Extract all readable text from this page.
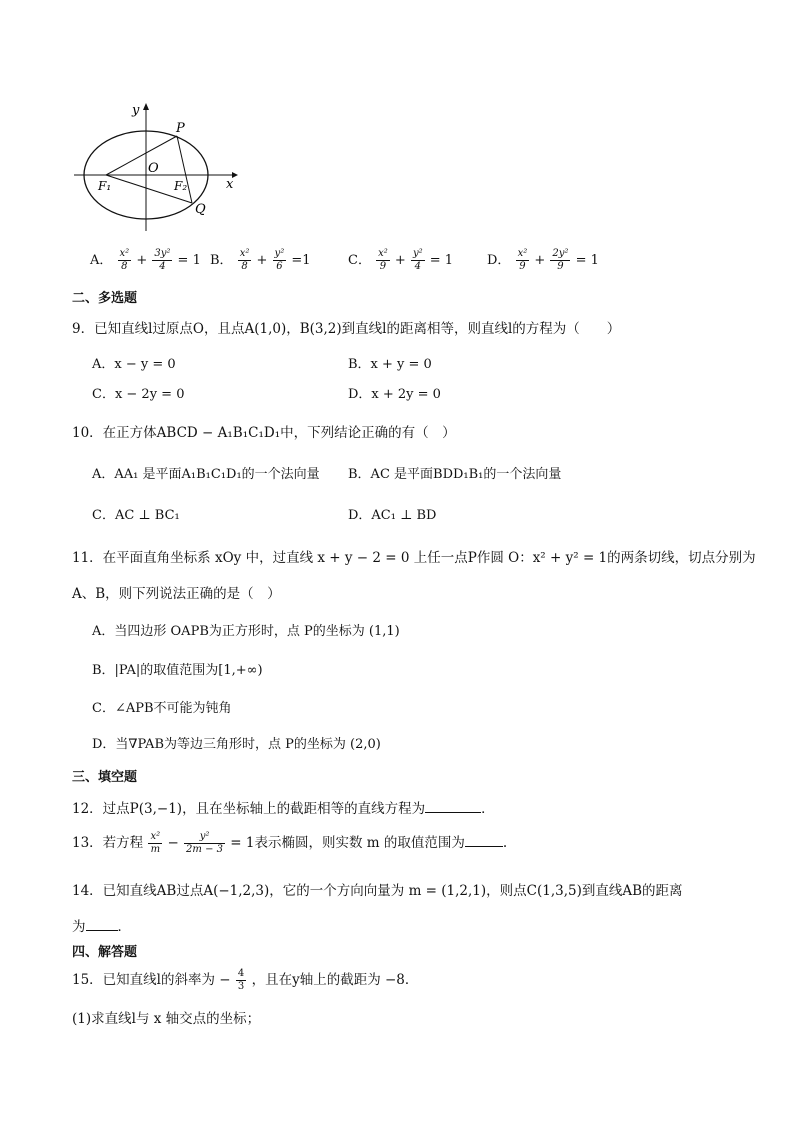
y
x
P
O
F₁	F₂
Q
A． $\frac{\text{x²}}{8} + \frac{\text{3y²}}{4} = 1$ B． $\frac{\text{x²}}{8} + \frac{\text{y²}}{6} =1$	C． $\frac{\text{x²}}{9} + \frac{\text{y²}}{4} = 1$	D． $\frac{\text{x²}}{9} + \frac{\text{2y²}}{9} = 1$
二、多选题
9．已知直线l过原点O，且点A(1,0)，B(3,2)到直线l的距离相等，则直线l的方程为（　　）
A．x − y = 0	B．x + y = 0
C．x − 2y = 0	D．x + 2y = 0
10．在正方体ABCD − A₁B₁C₁D₁中，下列结论正确的有（　）
A．AA₁ 是平面A₁B₁C₁D₁的一个法向量 B．AC 是平面BDD₁B₁的一个法向量
C．AC ⊥ BC₁	D．AC₁ ⊥ BD
11．在平面直角坐标系 xOy 中，过直线 x + y − 2 = 0 上任一点P作圆 O：x² + y² = 1的两条切线，切点分别为
A、B，则下列说法正确的是（　）
A．当四边形 OAPB为正方形时，点 P的坐标为 (1,1)
B．|PA|的取值范围为[1,+∞)
C．∠APB不可能为钝角
D．当∇PAB为等边三角形时，点 P的坐标为 (2,0)
三、填空题
12．过点P(3,−1)，且在坐标轴上的截距相等的直线方程为	．
13．若方程 $\frac{\text{x²}}{m} - \frac{\text{y²}}{2m - 3} = 1$表示椭圆，则实数 m 的取值范围为	.
14．已知直线AB过点A(−1,2,3)，它的一个方向向量为 m = (1,2,1)，则点C(1,3,5)到直线AB的距离
为 ．
四、解答题
15．已知直线l的斜率为 − $\frac{4}{3}$ ，且在y轴上的截距为 −8．
(1)求直线l与 x 轴交点的坐标；
